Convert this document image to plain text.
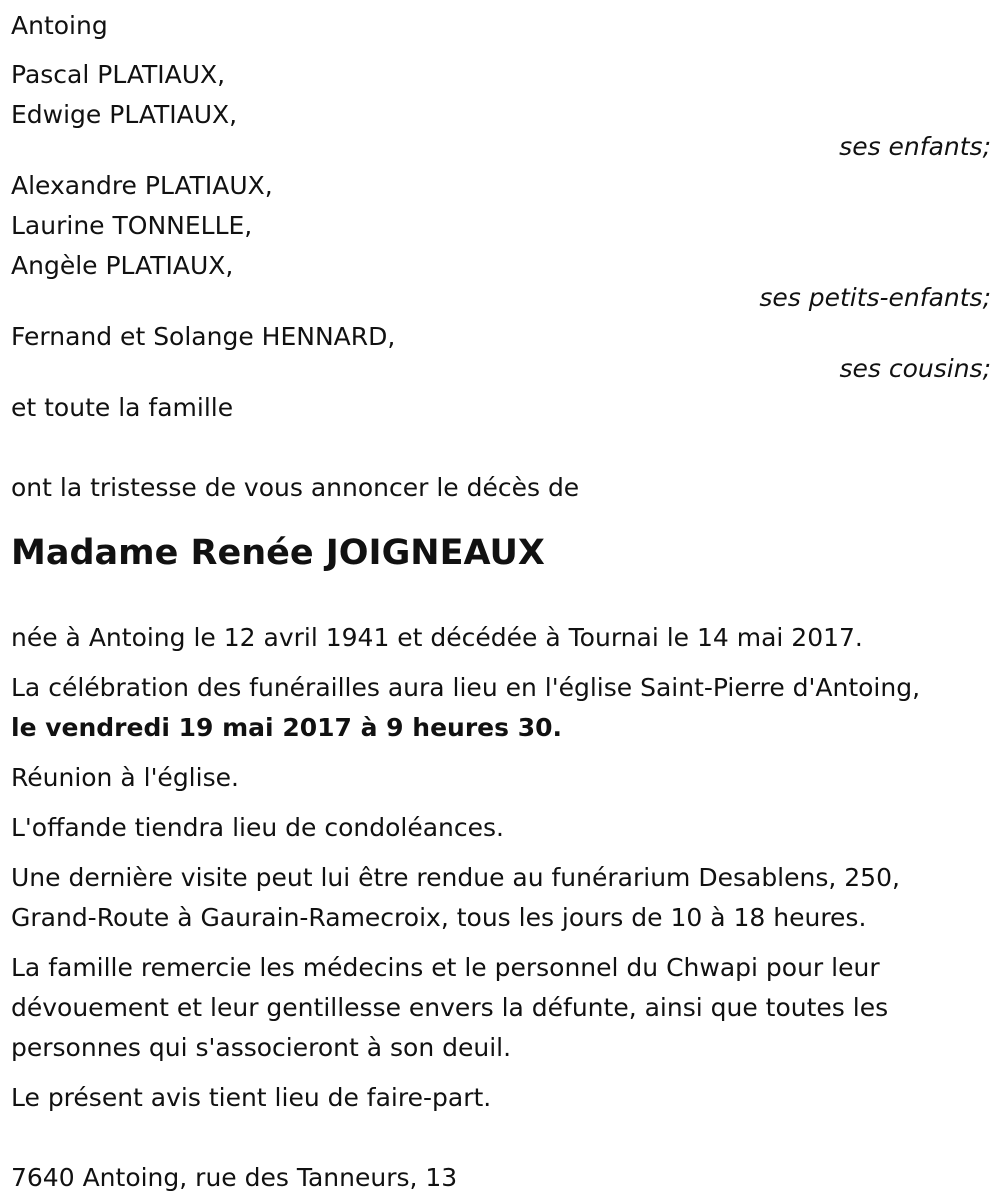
Antoing
Pascal PLATIAUX,
Edwige PLATIAUX,
ses enfants;
Alexandre PLATIAUX,
Laurine TONNELLE,
Angèle PLATIAUX,
ses petits-enfants;
Fernand et Solange HENNARD,
ses cousins;
et toute la famille
ont la tristesse de vous annoncer le décès de
Madame Renée JOIGNEAUX
née à Antoing le 12 avril 1941 et décédée à Tournai le 14 mai 2017.
La célébration des funérailles aura lieu en l'église Saint-Pierre d'Antoing,
le vendredi 19 mai 2017 à 9 heures 30.
Réunion à l'église.
L'offande tiendra lieu de condoléances.
Une dernière visite peut lui être rendue au funérarium Desablens, 250,
Grand-Route à Gaurain-Ramecroix, tous les jours de 10 à 18 heures.
La famille remercie les médecins et le personnel du Chwapi pour leur
dévouement et leur gentillesse envers la défunte, ainsi que toutes les
personnes qui s'associeront à son deuil.
Le présent avis tient lieu de faire-part.
7640 Antoing, rue des Tanneurs, 13
